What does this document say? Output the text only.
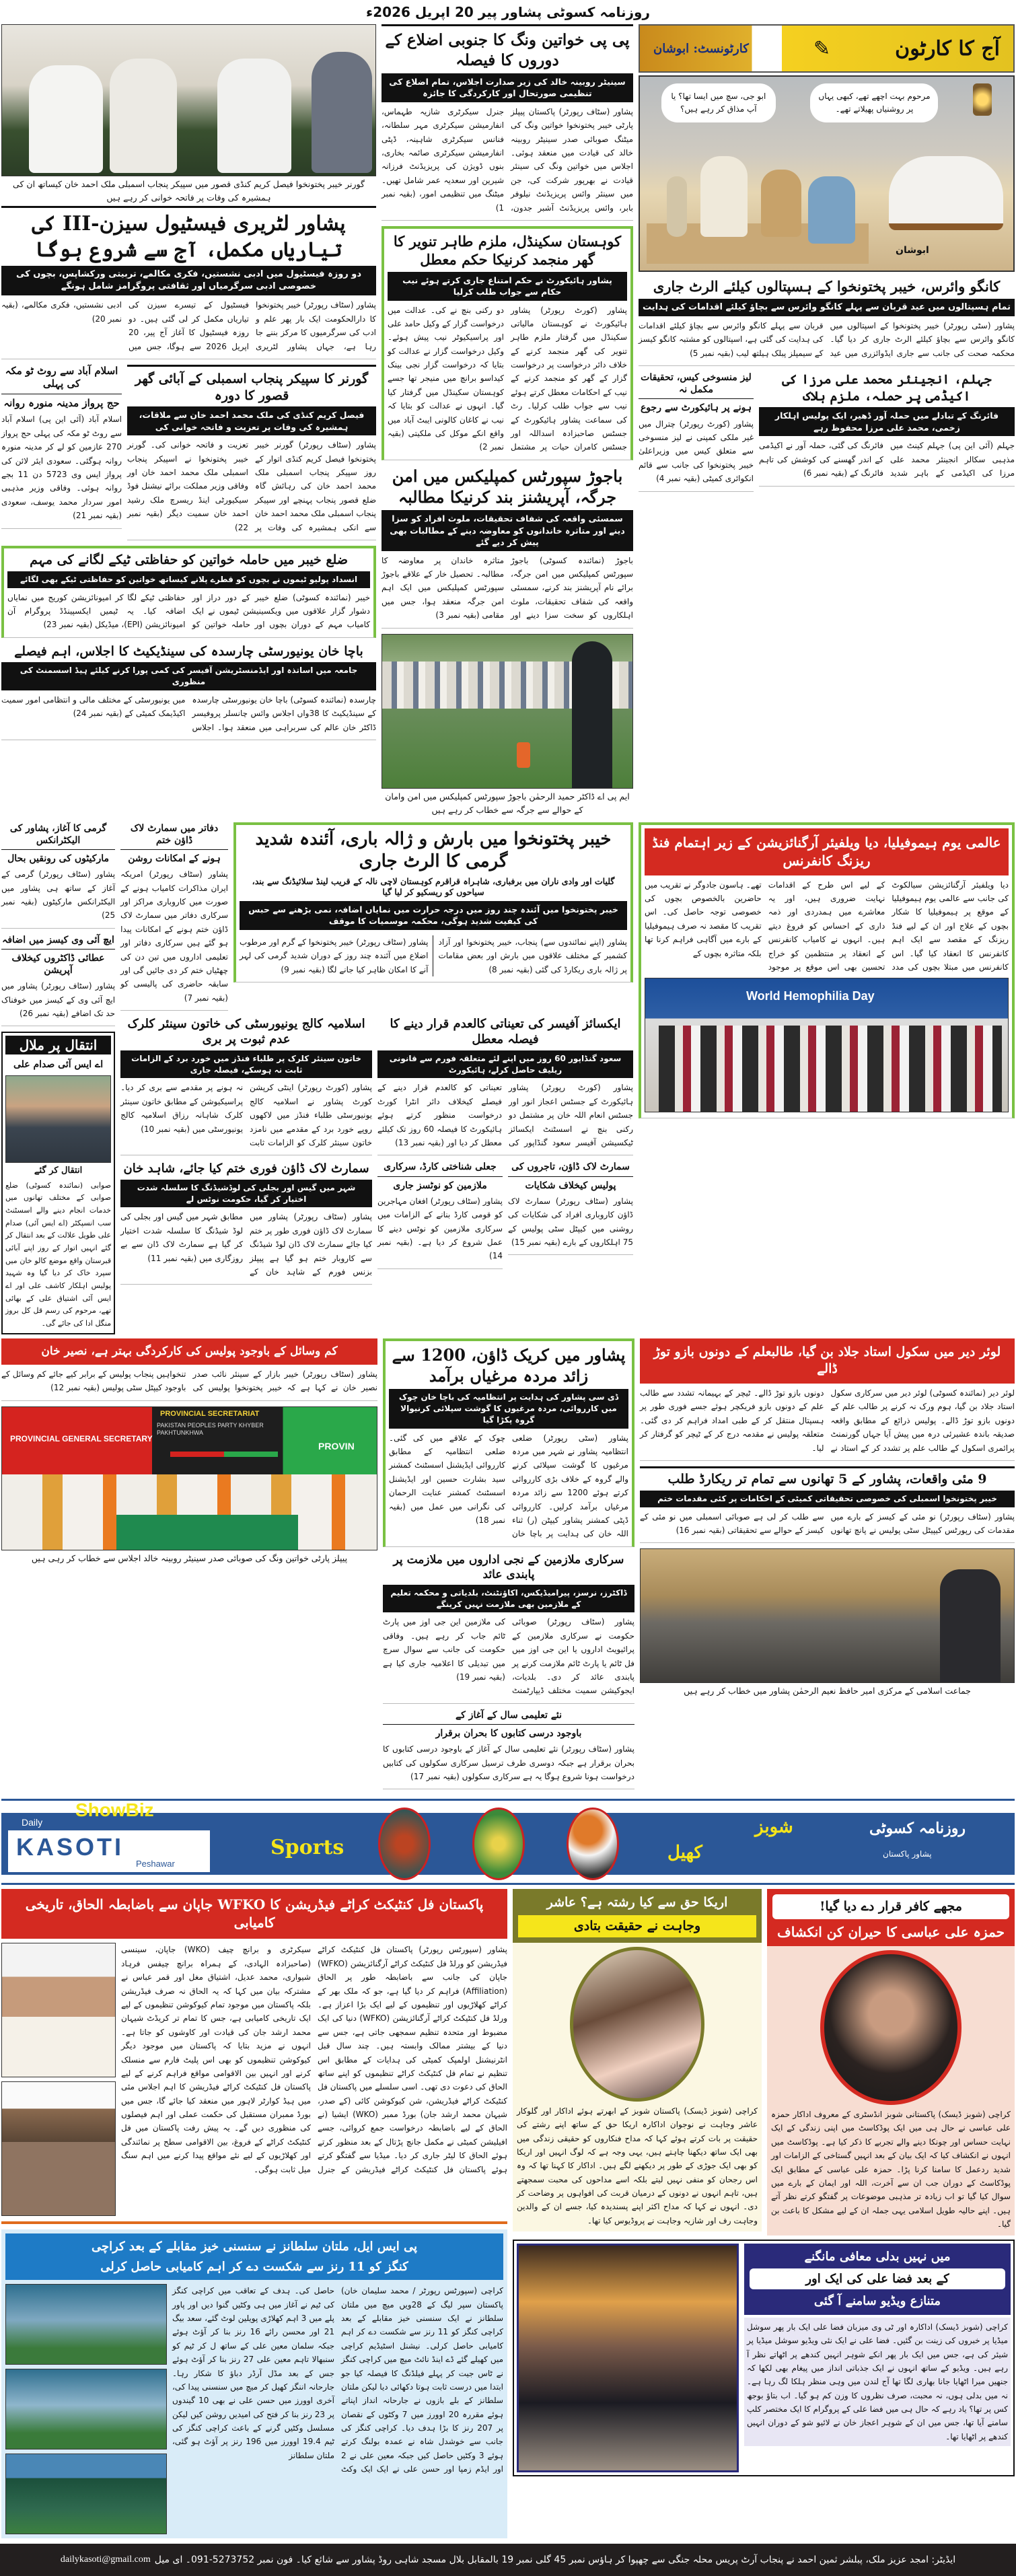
روزنامہ کسوٹی پشاور پیر 20 اپریل 2026ء
گورنر خیبر پختونخوا فیصل کریم کنڈی قصور میں سپیکر پنجاب اسمبلی ملک احمد خان کیساتھ ان کی ہمشیرہ کی وفات پر فاتحہ خوانی کر رہے ہیں
پشاور لٹریری فیسٹیول سیزن-III کی تیاریاں مکمل، آج سے شروع ہوگا
دو روزہ فیسٹیول میں ادبی نشستیں، فکری مکالمے، تربیتی ورکشاپس، بچوں کی خصوصی ادبی سرگرمیاں اور ثقافتی پروگرامز شامل ہونگے
پشاور (سٹاف رپورٹر) خیبر پختونخوا کا دارالحکومت ایک بار پھر علم و ادب کی سرگرمیوں کا مرکز بننے جا رہا ہے، جہاں پشاور لٹریری فیسٹیول کے تیسرے سیزن کی تیاریاں مکمل کر لی گئی ہیں۔ دو روزہ فیسٹیول کا آغاز آج پیر، 20 اپریل 2026 سے ہوگا، جس میں ادبی نشستیں، فکری مکالمے، (بقیہ نمبر 20)
گورنر کا سپیکر پنجاب اسمبلی کے آبائی گھر قصور کا دورہ
فیصل کریم کنڈی کی ملک محمد احمد خان سے ملاقات، ہمشیرہ کی وفات پر تعزیت و فاتحہ خوانی کی
پشاور (سٹاف رپورٹر) گورنر خیبر پختونخوا فیصل کریم کنڈی اتوار کے روز سپیکر پنجاب اسمبلی ملک محمد احمد خان کی رہائش گاہ ضلع قصور پنجاب پہنچے اور سپیکر پنجاب اسمبلی ملک محمد احمد خان سے انکی ہمشیرہ کی وفات پر تعزیت و فاتحہ خوانی کی۔ گورنر خیبر پختونخوا نے اسپیکر پنجاب اسمبلی ملک محمد احمد خان اور وفاقی وزیر مملکت برائے نیشنل فوڈ سیکیورٹی اینڈ ریسرچ ملک رشید احمد خان سمیت دیگر (بقیہ نمبر 22)
اسلام آباد سے روٹ ٹو مکہ کی پہلی
حج پرواز مدینہ منورہ روانہ
اسلام آباد (آئی این پی) اسلام آباد سے روٹ ٹو مکہ کی پہلی حج پرواز 270 عازمین کو لے کر مدینہ منورہ روانہ ہوگئی۔ سعودی ایئر لائن کی پرواز ایس وی 5723 دن 11 بجے روانہ ہوئی۔ وفاقی وزیر مذہبی امور سردار محمد یوسف، سعودی (بقیہ نمبر 21)
ضلع خیبر میں حاملہ خواتین کو حفاظتی ٹیکے لگانے کی مہم
انسداد پولیو ٹیموں نے بچوں کو قطرے پلانے کیساتھ خواتین کو حفاظتی ٹیکے بھی لگائے
خیبر (نمائندہ کسوٹی) ضلع خیبر کے دور دراز اور دشوار گزار علاقوں میں ویکسینیشن ٹیموں نے ایک کامیاب مہم کے دوران بچوں اور حاملہ خواتین کو حفاظتی ٹیکے لگا کر امیونائزیشن کوریج میں نمایاں اضافہ کیا۔ یہ ٹیمیں ایکسپینڈڈ پروگرام آن امیونائزیشن (EPI)، میڈیکل (بقیہ نمبر 23)
باچا خان یونیورسٹی چارسدہ کی سینڈیکیٹ کا اجلاس، اہم فیصلے
جامعہ میں اساتذہ اور ایڈمنسٹریشن آفیسر کی کمی پورا کرنے کیلئے ہیڈ اسسمنٹ کی منظوری
چارسدہ (نمائندہ کسوٹی) باچا خان یونیورسٹی چارسدہ کے سینڈیکیٹ کا 38واں اجلاس وائس چانسلر پروفیسر ڈاکٹر خان عالم کی سربراہی میں منعقد ہوا۔ اجلاس میں یونیورسٹی کے مختلف مالی و انتظامی امور سمیت اکیڈیمک کمیٹی کے (بقیہ نمبر 24)
پی پی خواتین ونگ کا جنوبی اضلاع کے دوروں کا فیصلہ
سینیٹر روبینہ خالد کی زیر صدارت اجلاس، تمام اضلاع کی تنظیمی صورتحال اور کارکردگی کا جائزہ
پشاور (سٹاف رپورٹر) پاکستان پیپلز پارٹی خیبر پختونخوا خواتین ونگ کی میٹنگ صوبائی صدر سینیٹر روبینہ خالد کی قیادت میں منعقد ہوئی۔ اجلاس میں خواتین ونگ کی سینئر قیادت نے بھرپور شرکت کی، جن میں سینئر وائس پریزیڈنٹ نیلوفر بابر، وائس پریزیڈنٹ آشبر جدون، جنرل سیکرٹری شازیہ طہماس، انفارمیشن سیکرٹری مہر سلطانہ، فنانس سیکرٹری شاہینہ، ڈپٹی انفارمیشن سیکرٹری صائمہ بخاری، بنوں ڈویژن کی پریزیڈنٹ فرزانہ شیرین اور سعدیہ عمر شامل تھیں۔ میٹنگ میں تنظیمی امور، (بقیہ نمبر 1)
کوہستان سکینڈل، ملزم طاہر تنویر کا گھر منجمد کرنیکا حکم معطل
پشاور ہائیکورٹ نے حکم امتناع جاری کرتے ہوئے نیب حکام سے جواب طلب کرلیا
پشاور (کورٹ رپورٹر) پشاور ہائیکورٹ نے کوہستان مالیاتی سکینڈل میں گرفتار ملزم طاہر تنویر کی گھر منجمد کرنے کے خلاف دائر درخواست پر درخواست گزار کے گھر کو منجمد کرنے کے نیب کے احکامات معطل کرتے ہوئے نیب سے جواب طلب کرلیا۔ رٹ کی سماعت پشاور ہائیکورٹ کے جسٹس صاحبزادہ اسداللہ اور جسٹس کامران حیات پر مشتمل دو رکنی بنچ نے کی۔ عدالت میں درخواست گزار کے وکیل حامد علی اور پراسیکیوٹر نیب پیش ہوئے۔ وکیل درخواست گزار نے عدالت کو بتایا کہ درخواست گزار نجی بینک کیداسو برانچ میں منیجر تھا جسے کوہستان سکینڈل میں گرفتار کیا گیا۔ انہوں نے عدالت کو بتایا کہ نیب نے کاغان کالونی ایبٹ آباد میں واقع انکے موکل کی ملکیتی (بقیہ نمبر 2)
باجوڑ سپورٹس کمپلیکس میں امن جرگہ، آپریشنز بند کرنیکا مطالبہ
سمسئی واقعہ کی شفاف تحقیقات، ملوث افراد کو سزا دینے اور متاثرہ خاندانوں کو معاوضہ دینے کے مطالبات بھی پیش کر دیے گئے
باجوڑ (نمائندہ کسوٹی) باجوڑ سپورٹس کمپلیکس میں امن جرگہ، برائے نام آپریشنز بند کرنے، سمسئی واقعہ کی شفاف تحقیقات، ملوث اہلکاروں کو سخت سزا دینے اور متاثرہ خاندان پر معاوضہ کا مطالبہ۔ تحصیل خار کے علاقے باجوڑ سپورٹس کمپلیکس میں ایک اہم امن جرگہ منعقد ہوا، جس میں مقامی (بقیہ نمبر 3)
ایم پی اے ڈاکٹر حمید الرحمٰن باجوڑ سپورٹس کمپلیکس میں امن وامان کے حوالے سے جرگہ سے خطاب کر رہے ہیں
کارٹونسٹ: ابوشان	✎	آج کا کارٹون
ابو جی، سچ میں ایسا تھا؟ یا آپ مذاق کر رہے ہیں؟
مرحوم بہت اچھے تھے، کبھی یہاں پر روشنیاں پھیلاتے تھے۔
ابوشان
کانگو وائرس، خیبر پختونخوا کے ہسپتالوں کیلئے الرٹ جاری
تمام ہسپتالوں میں عید قربان سے پہلے کانگو وائرس سے بچاؤ کیلئے اقدامات کی ہدایت
پشاور (سٹی رپورٹر) خیبر پختونخوا کے اسپتالوں میں کانگو وائرس سے بچاؤ کیلئے الرٹ جاری کر دیا گیا۔ محکمہ صحت کی جانب سے جاری ایڈوائزری میں عید قربان سے پہلے کانگو وائرس سے بچاؤ کیلئے اقدامات کی ہدایت کی گئی ہے، اسپتالوں کو مشتبہ کانگو کیسز کے سیمپلز پبلک ہیلتھ لیب (بقیہ نمبر 5)
جہلم، انجینئر محمد علی مرزا کی اکیڈمی پر حملہ، ملزم ہلاک
فائرنگ کے تبادلے میں حملہ آور ڈھیر، ایک پولیس اہلکار زخمی، محمد علی مرزا محفوظ رہے
جہلم (آئی این پی) جہلم کینٹ میں مذہبی سکالر انجینئر محمد علی مرزا کی اکیڈمی کے باہر شدید فائرنگ کی گئی، حملہ آور نے اکیڈمی کے اندر گھسنے کی کوشش کی تاہم فائرنگ کے (بقیہ نمبر 6)
لیز منسوخی کیس، تحقیقات مکمل نہ
ہونے پر ہائیکورٹ سے رجوع
پشاور (کورٹ رپورٹر) چترال میں غیر ملکی کمپنی نے لیز منسوخی سے متعلق کیس میں وزیراعلیٰ خیبر پختونخوا کی جانب سے قائم انکوائری کمیٹی (بقیہ نمبر 4)
گرمی کا آغاز، پشاور کی الیکٹرانکس
مارکیٹوں کی رونقیں بحال
پشاور (سٹاف رپورٹر) گرمی کے آغاز کے ساتھ ہی پشاور میں الیکٹرانکس مارکیٹوں (بقیہ نمبر 25)
ایچ آئی وی کیسز میں اضافہ
عطائی ڈاکٹروں کیخلاف آپریشن
پشاور (سٹاف رپورٹر) پشاور میں ایچ آئی وی کے کیسز میں خوفناک حد تک اضافے (بقیہ نمبر 26)
انتقال پر ملال
اے ایس آئی صدام علی
انتقال کر گئے
صوابی (نمائندہ کسوٹی) ضلع صوابی کے مختلف تھانوں میں خدمات انجام دینے والے اسسٹنٹ سب انسپکٹر (اے ایس آئی) صدام علی طویل علالت کے بعد انتقال کر گئے انہیں اتوار کے روز اپنے آبائی قبرستان واقع موضع کالو خان میں سپرد خاک کر دیا گیا وہ شہید پولیس اہلکار کاشف علی اور اے ایس آئی اشتیاق علی کے بھائی تھے، مرحوم کی رسم قل کل بروز منگل ادا کی جائے گی۔
خیبر پختونخوا میں بارش و ژالہ باری، آئندہ شدید گرمی کا الرٹ جاری
گلیات اور وادی ناران میں برفباری، شاہراہ قراقرم کوہستان لاچی نالہ کے قریب لینڈ سلائیڈنگ سے بند، سیاحوں کو ریسکیو کر لیا گیا
خیبر پختونخوا میں آئندہ چند روز میں درجہ حرارت میں نمایاں اضافہ، نمی بڑھنے سے حبس کی کیفیت شدید ہوگی، محکمہ موسمیات کا موقف
پشاور (اپنے نمائندوں سے) پنجاب، خیبر پختونخوا اور آزاد کشمیر کے مختلف علاقوں میں بارش اور بعض مقامات پر ژالہ باری ریکارڈ کی گئی (بقیہ نمبر 8)
پشاور (سٹاف رپورٹر) خیبر پختونخوا کے گرم اور مرطوب اضلاع میں آئندہ چند روز کے دوران شدید گرمی کی لہر آنے کا امکان ظاہر کیا جانے لگا (بقیہ نمبر 9)
دفاتر میں سمارٹ لاک ڈاؤن ختم
ہونے کے امکانات روشن
پشاور (سٹاف رپورٹر) امریکہ ایران مذاکرات کامیاب ہونے کے صورت میں کاروباری مراکز اور سرکاری دفاتر میں سمارٹ لاک ڈاؤن ختم ہونے کے امکانات پیدا ہو گئے ہیں سرکاری دفاتر اور تعلیمی اداروں میں تین دن کی چھٹیاں ختم کر دی جائیں گی اور سابقہ حاضری کی پالیسی کو (بقیہ نمبر 7)
ایکسائز آفیسر کی تعیناتی کالعدم قرار دینے کا فیصلہ معطل
سعود گنڈاپور 60 روز میں اپنے لئے متعلقہ فورم سے قانونی ریلیف حاصل کرلے، ہائیکورٹ
پشاور (کورٹ رپورٹر) پشاور ہائیکورٹ کے جسٹس اعجاز انور اور جسٹس انعام اللہ خان پر مشتمل دو رکنی بنچ نے اسسٹنٹ ایکسائز ٹیکسیشن آفیسر سعود گنڈاپور کی تعیناتی کو کالعدم قرار دینے کے فیصلے کیخلاف دائر انٹرا کورٹ درخواست منظور کرتے ہوئے ہائیکورٹ کا فیصلہ 60 روز تک کیلئے معطل کر دیا اور (بقیہ نمبر 13)
اسلامیہ کالج یونیورسٹی کی خاتون سینئر کلرک عدم ثبوت پر بری
خاتون سینئر کلرک پر طلباء فنڈز میں خورد برد کے الزامات ثابت نہ ہوسکے، فیصلہ جاری
پشاور (کورٹ رپورٹر) اینٹی کرپشن کورٹ پشاور نے اسلامیہ کالج یونیورسٹی طلباء فنڈز میں لاکھوں روپے خورد برد کے مقدمے میں نامزد خاتون سینئر کلرک کو الزامات ثابت نہ ہونے پر مقدمے سے بری کر دیا۔ پراسیکیوشن کے مطابق خاتون سینئر کلرک شاہانہ رزاق اسلامیہ کالج یونیورسٹی میں (بقیہ نمبر 10)
سمارٹ لاک ڈاؤن، تاجروں کی
پولیس کیخلاف شکایات
پشاور (سٹاف رپورٹر) سمارٹ لاک ڈاؤن کاروباری افراد کی شکایات کی روشنی میں کیپٹل سٹی پولیس کے 75 اہلکاروں کے بارے (بقیہ نمبر 15)
جعلی شناختی کارڈ، سرکاری
ملازمین کو نوٹسز جاری
پشاور (سٹاف رپورٹر) افغان مہاجرین کو قومی کارڈ بنانے کے الزامات میں سرکاری ملازمین کو نوٹس دینے کا عمل شروع کر دیا ہے۔ (بقیہ نمبر 14)
سمارٹ لاک ڈاؤن فوری ختم کیا جائے، شاہد خان
شہر میں گیس اور بجلی کی لوڈشیڈنگ کا سلسلہ شدت اختیار کر گیا، حکومت نوٹس لے
پشاور (سٹاف رپورٹر) پشاور میں سمارٹ لاک ڈاؤن فوری طور پر ختم کیا جائے سمارٹ لاک ڈان لوڈ شیڈنگ سے کاروبار ختم ہو گیا ہے پیپلز بزنس فورم کے شاہد خان کے مطابق شہر میں گیس اور بجلی کی لوڈ شیڈنگ کا سلسلہ شدت اختیار کر گیا ہے سمارٹ لاک ڈان سے بے روزگاری میں (بقیہ نمبر 11)
عالمی یوم ہیموفیلیا، دیا ویلفیئر آرگنائزیشن کے زیر اہتمام فنڈ ریزنگ کانفرنس
دیا ویلفیئر آرگنائزیشن سیالکوٹ کی جانب سے عالمی یوم ہیموفیلیا کے موقع پر ہیموفیلیا کا شکار بچوں کے علاج اور ان کے لیے فنڈ ریزنگ کے مقصد سے ایک اہم کانفرنس کا انعقاد کیا گیا۔ اس کانفرنس میں مبتلا بچوں کی مدد کے لیے اس طرح کے اقدامات نہایت ضروری ہیں، اور یہ معاشرے میں ہمدردی اور ذمہ داری کے احساس کو فروغ دیتے ہیں۔ انہوں نے کامیاب کانفرنس کے انعقاد پر منتظمین کو خراج تحسین بھی اس موقع پر موجود تھے۔ ہاسون جادوگر نے تقریب میں حاضرین بالخصوص بچوں کی خصوصی توجہ حاصل کی۔ اس تقریب کا مقصد نہ صرف ہیموفیلیا کے بارے میں آگاہی فراہم کرنا تھا بلکہ متاثرہ بچوں کے
World Hemophilia Day
کم وسائل کے باوجود پولیس کی کارکردگی بہتر ہے، نصیر خان
پشاور (سٹاف رپورٹر) خیبر بازار کے سینئر نائب صدر نصیر خان نے کہا ہے کہ خیبر پختونخوا پولیس کی تنخواہیں پنجاب پولیس کے برابر کیے جائے کم وسائل کے باوجود کیپٹل سٹی پولیس (بقیہ نمبر 12)
PROVINCIAL GENERAL SECRETARY
PROVINCIAL SECRETARIAT
PAKISTAN PEOPLES PARTY KHYBER PAKHTUNKHWA
PROVIN
پیپلز پارٹی خواتین ونگ کی صوبائی صدر سینیٹر روبینہ خالد اجلاس سے خطاب کر رہی ہیں
پشاور میں کریک ڈاؤن، 1200 سے زائد مردہ مرغیاں برآمد
ڈی سی پشاور کی ہدایت پر انتظامیہ کی باچا خان چوک میں کارروائی، مردہ مرغیوں کا گوشت سپلائی کرنیوالا گروہ پکڑا گیا
پشاور (سٹی رپورٹر) ضلعی انتظامیہ پشاور نے شہر میں مردہ مرغیوں کا گوشت سپلائی کرنے والے گروہ کے خلاف بڑی کارروائی کرتے ہوئے 1200 سے زائد مردہ مرغیاں برآمد کرلیں۔ کارروائی ڈپٹی کمشنر پشاور کیپٹن (ر) ثناء اللہ خان کی ہدایت پر باچا خان چوک کے علاقے میں کی گئی۔ ضلعی انتظامیہ کے مطابق کارروائی ایڈیشنل اسسٹنٹ کمشنر سید بشارت حسین اور ایڈیشنل اسسٹنٹ کمشنر عنایت الرحمان کی نگرانی میں عمل میں (بقیہ نمبر 18)
سرکاری ملازمین کے نجی اداروں میں ملازمت پر پابندی عائد
ڈاکٹرز، نرسز، پیرامیڈیکس، اکاؤنٹنٹ، بلدیاتی و محکمہ تعلیم کے ملازمین بھی ملازمت نہیں کرینگے
پشاور (سٹاف رپورٹر) صوبائی حکومت نے سرکاری ملازمین کے پرائیویٹ اداروں یا این جی اوز میں فل ٹائم یا پارٹ ٹائم ملازمت کرنے پر پابندی عائد کر دی۔ بلدیات، ایجوکیشن سمیت مختلف ڈیپارٹمنٹ کی ملازمین این جی اوز میں پارٹ ٹائم جاب کر رہے ہیں۔ وفاقی حکومت کی جانب سے سوال سرچ میں تبدیلی کا اعلامیہ جاری کیا ہے (بقیہ نمبر 19)
نئے تعلیمی سال کے آغاز کے
باوجود درسی کتابوں کا بحران برقرار
پشاور (سٹاف رپورٹر) نئے تعلیمی سال کے آغاز کے باوجود درسی کتابوں کا بحران برقرار ہے جبکہ دوسری طرف ترسیل سرکاری سکولوں کی کتابیں درخواست ہونا شروع ہوگا یہ ہے سرکاری سکولوں (بقیہ نمبر 17)
لوئر دیر میں سکول استاد جلاد بن گیا، طالبعلم کے دونوں بازو توڑ ڈالے
لوئر دیر (نمائندہ کسوٹی) لوئر دیر میں سرکاری سکول استاد جلاد بن گیا، ہوم ورک نہ کرنے پر طالب علم کے دونوں بازو توڑ ڈالے۔ پولیس ذرائع کے مطابق واقعہ صدیقہ باندہ عشیرئی درہ میں پیش آیا جہاں گورنمنٹ پرائمری اسکول کے طالب علم پر تشدد کر کے استاد نے دونوں بازو توڑ ڈالے۔ ٹیچر کے بہیمانہ تشدد سے طالب علم کے دونوں بازو فریکچر ہوئے جسے فوری طور پر ہسپتال منتقل کر کے طبی امداد فراہم کر دی گئی۔ متعلقہ پولیس نے مقدمہ درج کر کے ٹیچر کو گرفتار کر لیا۔
9 مئی واقعات، پشاور کے 5 تھانوں سے تمام تر ریکارڈ طلب
خیبر پختونخوا اسمبلی کی خصوصی تحقیقاتی کمیٹی کے احکامات پر کئی مقدمات ختم
پشاور (سٹاف رپورٹر) نو مئی کے کیسز کے بارے میں مقدمات کی رپورٹس کیپیٹل سٹی پولیس نے پانچ تھانوں سے طلب کر لی ہے صوبائی اسمبلی میں نو مئی کے کیسز کے حوالے سے تحقیقاتی (بقیہ نمبر 16)
جماعت اسلامی کے مرکزی امیر حافظ نعیم الرحمٰن پشاور میں خطاب کر رہے ہیں
Daily
ShowBiz
KASOTI
Peshawar
Sports	کھیل
شوبز	روزنامہ کسوٹی
پشاور پاکستان
پاکستان فل کنٹیکٹ کراٹے فیڈریشن کا WFKO جاپان سے باضابطہ الحاق، تاریخی کامیابی
پشاور (سپورٹس رپورٹر) پاکستان فل کنٹیکٹ کراٹے فیڈریشن کو ورلڈ فل کنٹیکٹ کراٹے آرگنائزیشن (WFKO) جاپان کی جانب سے باضابطہ طور پر الحاق (Affiliation) فراہم کر دیا گیا ہے، جو کہ ملک بھر کے کراٹے کھلاڑیوں اور تنظیموں کے لیے ایک بڑا اعزاز ہے۔ ورلڈ فل کنٹیکٹ کراٹے آرگنائزیشن (WFKO) دنیا کی ایک مضبوط اور متحدہ تنظیم سمجھی جاتی ہے، جس سے دنیا کے بیشتر ممالک وابستہ ہیں۔ چند سال قبل انٹرنیشنل اولمپک کمیٹی کی ہدایات کے مطابق اس تنظیم نے تمام فل کنٹیکٹ کراٹے تنظیموں کو اپنے ساتھ الحاق کی دعوت دی تھی۔ اسی سلسلے میں پاکستان فل کنٹیکٹ کراٹے فیڈریشن، شن کیوکوشن کائی (کے صدر، شیہان محمد ارشد جان) بورڈ ممبر (WKO) ایشیا (نے الحاق کے لیے باضابطہ درخواست جمع کروائی، جسے افیلیشن کمیٹی نے مکمل جانچ پڑتال کے بعد منظور کرتے ہوئے الحاق کا لیٹر جاری کر دیا۔ میڈیا سے گفتگو کرتے ہوئے پاکستان فل کنٹیکٹ کراٹے فیڈریشن کے جنرل سیکرٹری و برانچ چیف (WKO) جاپان، سینسی (صاحبزادہ الہادی، کے ہمراہ برانچ چیفس فرہاد شیواری، محمد عدیل، اشتیاق مغل اور قمر عباس نے مشترکہ بیان میں کہا کہ یہ الحاق نہ صرف فیڈریشن بلکہ پاکستان میں موجود تمام کیوکوشن تنظیموں کے لیے ایک تاریخی کامیابی ہے، جس کا تمام تر کریڈٹ شیہان محمد ارشد جان کی قیادت اور کاوشوں کو جاتا ہے۔ انہوں نے مزید بتایا کہ پاکستان میں موجود دیگر کیوکوشن تنظیموں کو بھی اس پلیٹ فارم سے منسلک کرنے اور انہیں بین الاقوامی مواقع فراہم کرنے کے لیے پاکستان فل کنٹیکٹ کراٹے فیڈریشن کا اہم اجلاس مئی میں ہیڈ کوارٹر لاہور میں منعقد کیا جائے گا، جس میں بورڈ ممبران مستقبل کی حکمت عملی اور اہم فیصلوں کی منظوری دیں گے۔ یہ پیش رفت پاکستان میں فل کنٹیکٹ کراٹے کے فروغ، بین الاقوامی سطح پر نمائندگی اور کھلاڑیوں کے لیے نئے مواقع پیدا کرنے میں اہم سنگ میل ثابت ہوگی۔
پی ایس ایل، ملتان سلطانز نے سنسنی خیز مقابلے کے بعد کراچی
کنگز کو 11 رنز سے شکست دے کر اہم کامیابی حاصل کرلی
کراچی (سپورٹس رپورٹر / محمد سلیمان خان) پاکستان سپر لیگ کے 28ویں میچ میں ملتان سلطانز نے ایک سنسنی خیز مقابلے کے بعد کراچی کنگز کو 11 رنز سے شکست دے کر اہم کامیابی حاصل کرلی۔ نیشنل اسٹیڈیم کراچی میں کھیلے گئے ڈے اینڈ نائٹ میچ میں کراچی کنگز نے ٹاس جیت کر پہلے فیلڈنگ کا فیصلہ کیا جو ابتدا میں درست ثابت ہوتا دکھائی دیا لیکن ملتان سلطانز کے بلے بازوں نے جارحانہ انداز اپناتے ہوئے مقررہ 20 اوورز میں 7 وکٹوں کے نقصان پر 207 رنز کا بڑا ہدف دیا۔ کراچی کنگز کی جانب سے خوشدل شاہ نے عمدہ بولنگ کرتے ہوئے 3 وکٹیں حاصل کیں جبکہ معین علی نے 2 اور ایڈم زمپا اور حسن علی نے ایک ایک وکٹ حاصل کی۔ ہدف کے تعاقب میں کراچی کنگز کی ٹیم نے آغاز میں ہی وکٹیں گنوا دیں اور پاور پلے میں 3 اہم کھلاڑی پویلین لوٹ گئے، سعد بیگ 21 اور محسن رائے 16 رنز بنا کر آؤٹ ہوئے جبکہ سلمان معین علی کے ساتھ ل کر ٹیم کو سنبھالا تاہم معین علی 27 رنز بنا کر آؤٹ ہوئے جس کے بعد مڈل آرڈر دباؤ کا شکار رہا۔ جارحانہ اننگز کھیل کر میچ میں سنسنی پیدا کی، آخری اوورز میں حسن علی نے بھی 10 گیندوں پر 23 رنز بنا کر فتح کی امیدیں روشن کیں لیکن مسلسل وکٹیں گرنے کے باعث کراچی کنگز کی ٹیم 19.4 اوورز میں 196 رنز پر آؤٹ ہو گئی، ملتان سلطانز
اریکا حق سے کیا رشتہ ہے؟ عاشر
وجاہت نے حقیقت بتادی
کراچی (شوبز ڈیسک) پاکستان شوبز کے ابھرتے ہوئے اداکار اور گلوکار عاشر وجاہت نے نوجوان اداکارہ اریکا حق کے ساتھ اپنے رشتے کی حقیقت پر بات کرتے ہوئے کہا کہ مداح فنکاروں کو حقیقی زندگی میں بھی ایک ساتھ دیکھنا چاہتے ہیں، یہی وجہ ہے کہ لوگ انہیں اور اریکا کو بھی ایک جوڑی کے طور پر دیکھنے لگے ہیں۔ اداکار کا کہنا تھا کہ وہ اس رجحان کو منفی نہیں لیتے بلکہ اسے مداحوں کی محبت سمجھتے ہیں، تاہم انہوں نے دونوں کے درمیان قربت کی افواہوں پر وضاحت کر دی۔ انہوں نے کہا کہ مداح اکثر اپنے پسندیدہ کیا، جسے ان کے والدین وجاہت رف اور شازیہ وجاہت نے پروڈیوس کیا تھا۔
مجھے کافر قرار دے دیا گیا!
حمزہ علی عباسی کا حیران کن انکشاف
کراچی (شوبز ڈیسک) پاکستانی شوبز انڈسٹری کے معروف اداکار حمزہ علی عباسی نے حال ہی میں ایک پوڈکاسٹ میں اپنی زندگی کے ایک نہایت حساس اور چونکا دینے والے تجربے کا ذکر کیا ہے۔ پوڈکاسٹ میں انہوں نے انکشاف کیا کہ ایک بیان کے بعد انہیں گستاخی کے الزامات اور شدید ردعمل کا سامنا کرنا پڑا۔ حمزہ علی عباسی کے مطابق ایک پوڈکاسٹ کے دوران جب ان سے آخرت، اللہ اور ایمان کے بارے میں سوال کیا گیا تو اب زیادہ تر مذہبی موضوعات پر گفتگو کرتے نظر آتے ہیں۔ اپنے حالیہ طویل اسلامی یہی جملہ ان کے لیے مشکل کا باعث بن گیا۔
میں نہیں بدلی معافی مانگنے
کے بعد فضا علی کی ایک اور
متنازع ویڈیو سامنے آ گئی
کراچی (شوبز ڈیسک) اداکارہ اور ٹی وی میزبان فضا علی ایک بار پھر سوشل میڈیا پر خبروں کی زینت بن گئیں۔ فضا علی نے ایک نئی ویڈیو سوشل میڈیا پر شیئر کی ہے، جس میں ایک بار پھر انکے شوہر انہیں کندھے پر اٹھاتے نظر آ رہے ہیں۔ ویڈیو کے ساتھ انہوں نے ایک جذباتی انداز میں پیغام بھی لکھا کہ جنھیں میرا اٹھایا جانا بھاری لگا تھا آج لندن میں وہی منظر ہلکا لگ رہا ہے۔ نہ میں بدلی ہوں، نہ محبت، صرف نظروں کا وزن کم ہو گیا۔ اب بتاؤ بوجھ کس پر تھا؟ یاد رہے کہ حال ہی میں فضا علی کے پروگرام کا ایک مختصر کلپ سامنے آیا تھا، جس میں ان کے شوہر اعجاز خان نے لائیو شو کے دوران انہیں کندھے پر اٹھایا تھا۔
ایڈیٹر: امجد عزیز ملک، پبلشر ثمین احمد نے پنجاب آرٹ پریس محلہ جنگی سے چھپوا کر ہاؤس نمبر 45 گلی نمبر 19 بالمقابل بلال مسجد شاہی روڈ پشاور سے شائع کیا۔ فون نمبر 5273752-091۔ ای میل
dailykasoti@gmail.com
